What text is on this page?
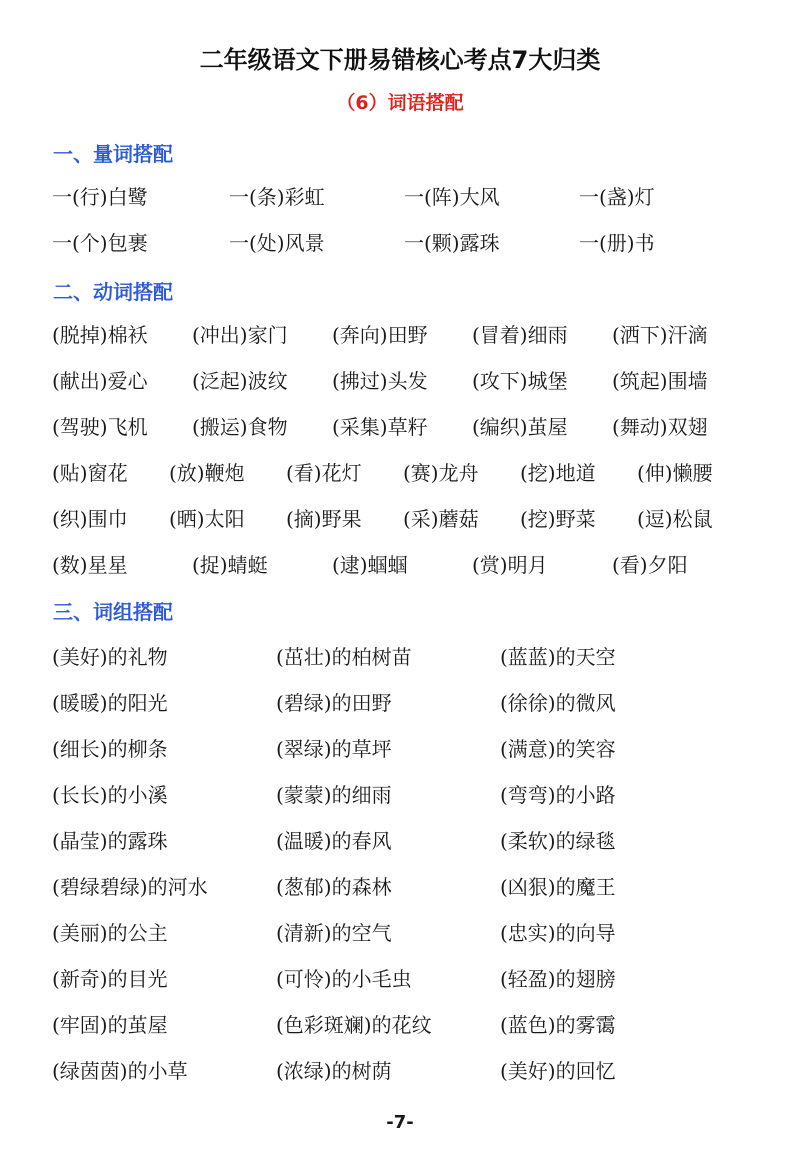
二年级语文下册易错核心考点7大归类
（6）词语搭配
一、量词搭配
一(行)白鹭	一(条)彩虹	一(阵)大风	一(盏)灯
一(个)包裹	一(处)风景	一(颗)露珠	一(册)书
二、动词搭配
(脱掉)棉袄 (冲出)家门 (奔向)田野 (冒着)细雨 (洒下)汗滴
(献出)爱心 (泛起)波纹 (拂过)头发 (攻下)城堡 (筑起)围墙
(驾驶)飞机 (搬运)食物 (采集)草籽 (编织)茧屋 (舞动)双翅
(贴)窗花 (放)鞭炮 (看)花灯 (赛)龙舟 (挖)地道 (伸)懒腰
(织)围巾 (晒)太阳 (摘)野果 (采)蘑菇 (挖)野菜 (逗)松鼠
(数)星星	(捉)蜻蜓	(逮)蝈蝈	(赏)明月	(看)夕阳
三、词组搭配
(美好)的礼物	(茁壮)的柏树苗	(蓝蓝)的天空
(暖暖)的阳光	(碧绿)的田野	(徐徐)的微风
(细长)的柳条	(翠绿)的草坪	(满意)的笑容
(长长)的小溪	(蒙蒙)的细雨	(弯弯)的小路
(晶莹)的露珠	(温暖)的春风	(柔软)的绿毯
(碧绿碧绿)的河水	(葱郁)的森林	(凶狠)的魔王
(美丽)的公主	(清新)的空气	(忠实)的向导
(新奇)的目光	(可怜)的小毛虫	(轻盈)的翅膀
(牢固)的茧屋	(色彩斑斓)的花纹	(蓝色)的雾霭
(绿茵茵)的小草	(浓绿)的树荫	(美好)的回忆
-7-
